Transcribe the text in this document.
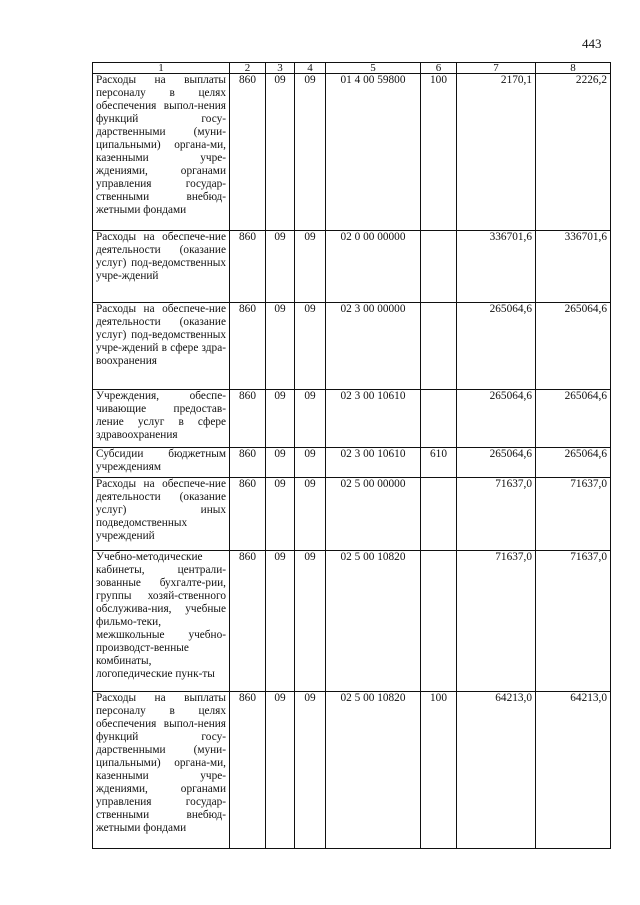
443
1	2	3	4	5	6	7	8
Расходы на выплаты персоналу в целях обеспечения выпол-нения функций госу-дарственными (муни-ципальными) органа-ми, казенными учре-ждениями, органами управления государ-ственными внебюд-жетными фондами	860	09	09	01 4 00 59800	100	2170,1	2226,2
Расходы на обеспече-ние деятельности (оказание услуг) под-ведомственных учре-ждений	860	09	09	02 0 00 00000		336701,6	336701,6
Расходы на обеспече-ние деятельности (оказание услуг) под-ведомственных учре-ждений в сфере здра-воохранения	860	09	09	02 3 00 00000		265064,6	265064,6
Учреждения, обеспе-чивающие предостав-ление услуг в сфере здравоохранения	860	09	09	02 3 00 10610		265064,6	265064,6
Субсидии бюджетным учреждениям	860	09	09	02 3 00 10610	610	265064,6	265064,6
Расходы на обеспече-ние деятельности (оказание услуг) иных подведомственных учреждений	860	09	09	02 5 00 00000		71637,0	71637,0
Учебно-методические кабинеты, централи-зованные бухгалте-рии, группы хозяй-ственного обслужива-ния, учебные фильмо-теки, межшкольные учебно-производст-венные комбинаты, логопедические пунк-ты	860	09	09	02 5 00 10820		71637,0	71637,0
Расходы на выплаты персоналу в целях обеспечения выпол-нения функций госу-дарственными (муни-ципальными) органа-ми, казенными учре-ждениями, органами управления государ-ственными внебюд-жетными фондами	860	09	09	02 5 00 10820	100	64213,0	64213,0
